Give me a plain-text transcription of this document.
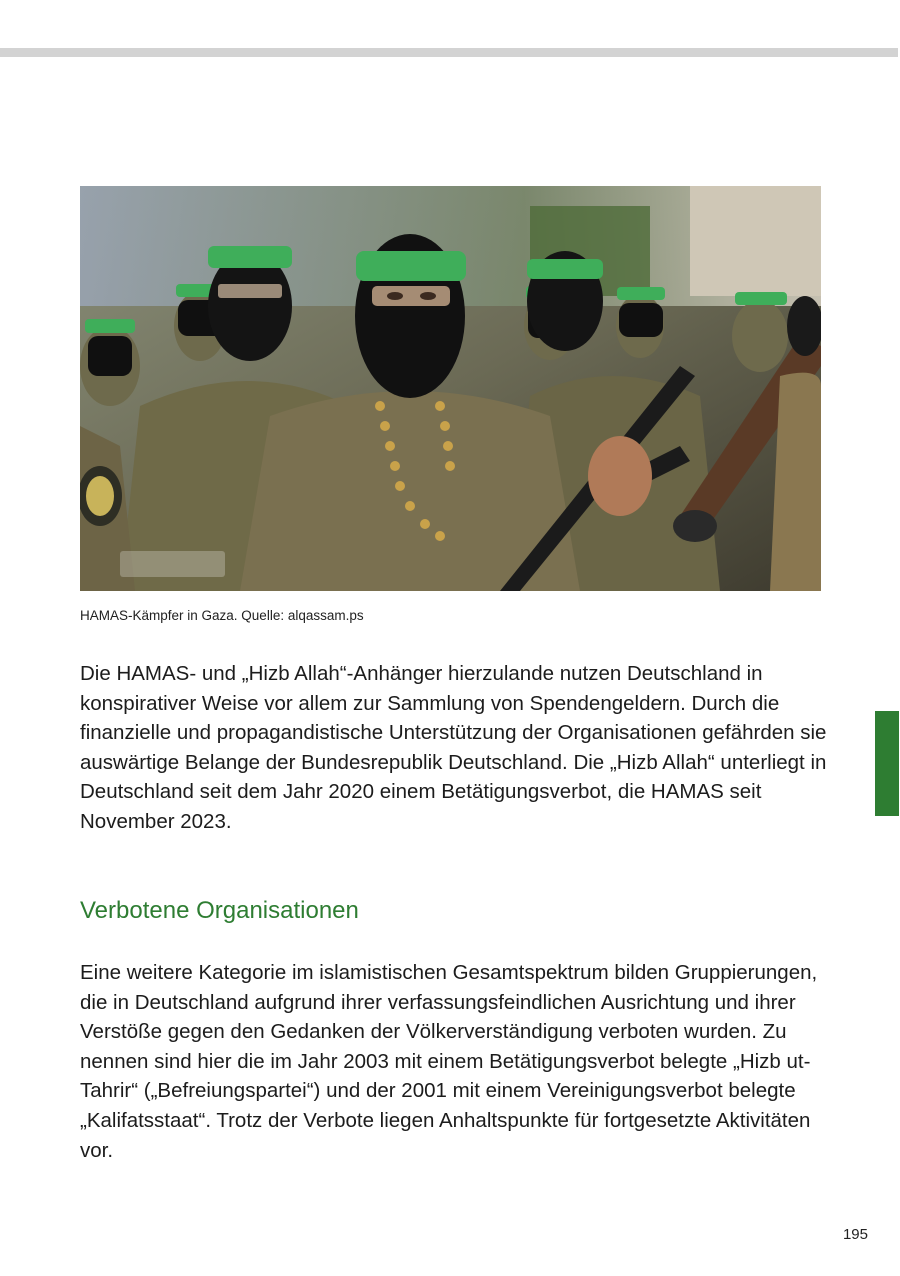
HAMAS-Kämpfer in Gaza. Quelle: alqassam.ps

Die HAMAS- und „Hizb Allah“-Anhänger hierzulande nutzen Deutschland in konspirativer Weise vor allem zur Sammlung von Spendengeldern. Durch die finanzielle und propagandistische Unterstützung der Organisationen gefährden sie auswärtige Belange der Bundesrepublik Deutschland. Die „Hizb Allah“ unterliegt in Deutschland seit dem Jahr 2020 einem Betätigungsverbot, die HAMAS seit November 2023.

Verbotene Organisationen

Eine weitere Kategorie im islamistischen Gesamtspektrum bilden Gruppierungen, die in Deutschland aufgrund ihrer verfassungsfeindlichen Ausrichtung und ihrer Verstöße gegen den Gedanken der Völkerverständigung verboten wurden. Zu nennen sind hier die im Jahr 2003 mit einem Betätigungsverbot belegte „Hizb ut-Tahrir“ („Befreiungspartei“) und der 2001 mit einem Vereinigungsverbot belegte „Kalifatsstaat“. Trotz der Verbote liegen Anhaltspunkte für fortgesetzte Aktivitäten vor.

195
